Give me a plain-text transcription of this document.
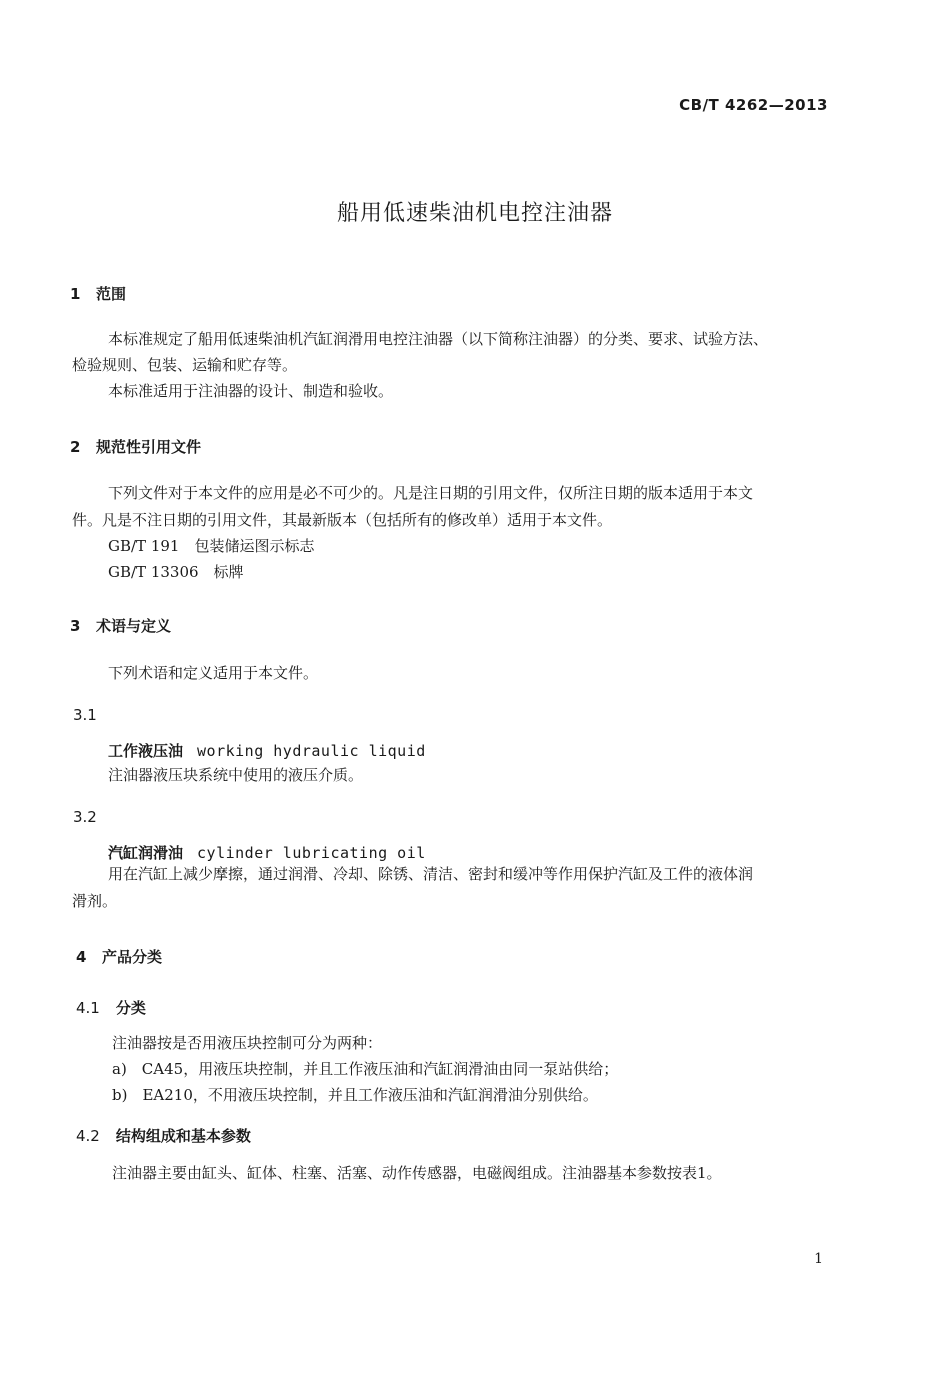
CB/T 4262—2013
船用低速柴油机电控注油器
1 范围
本标准规定了船用低速柴油机汽缸润滑用电控注油器（以下简称注油器）的分类、要求、试验方法、
检验规则、包装、运输和贮存等。
本标准适用于注油器的设计、制造和验收。
2 规范性引用文件
下列文件对于本文件的应用是必不可少的。凡是注日期的引用文件，仅所注日期的版本适用于本文
件。凡是不注日期的引用文件，其最新版本（包括所有的修改单）适用于本文件。
GB/T 191　包装储运图示标志
GB/T 13306　标牌
3 术语与定义
下列术语和定义适用于本文件。
3.1
工作液压油 working hydraulic liquid
注油器液压块系统中使用的液压介质。
3.2
汽缸润滑油 cylinder lubricating oil
用在汽缸上减少摩擦，通过润滑、冷却、除锈、清洁、密封和缓冲等作用保护汽缸及工件的液体润
滑剂。
4 产品分类
4.1 分类
注油器按是否用液压块控制可分为两种：
a)　CA45，用液压块控制，并且工作液压油和汽缸润滑油由同一泵站供给；
b)　EA210，不用液压块控制，并且工作液压油和汽缸润滑油分别供给。
4.2 结构组成和基本参数
注油器主要由缸头、缸体、柱塞、活塞、动作传感器，电磁阀组成。注油器基本参数按表1。
1
